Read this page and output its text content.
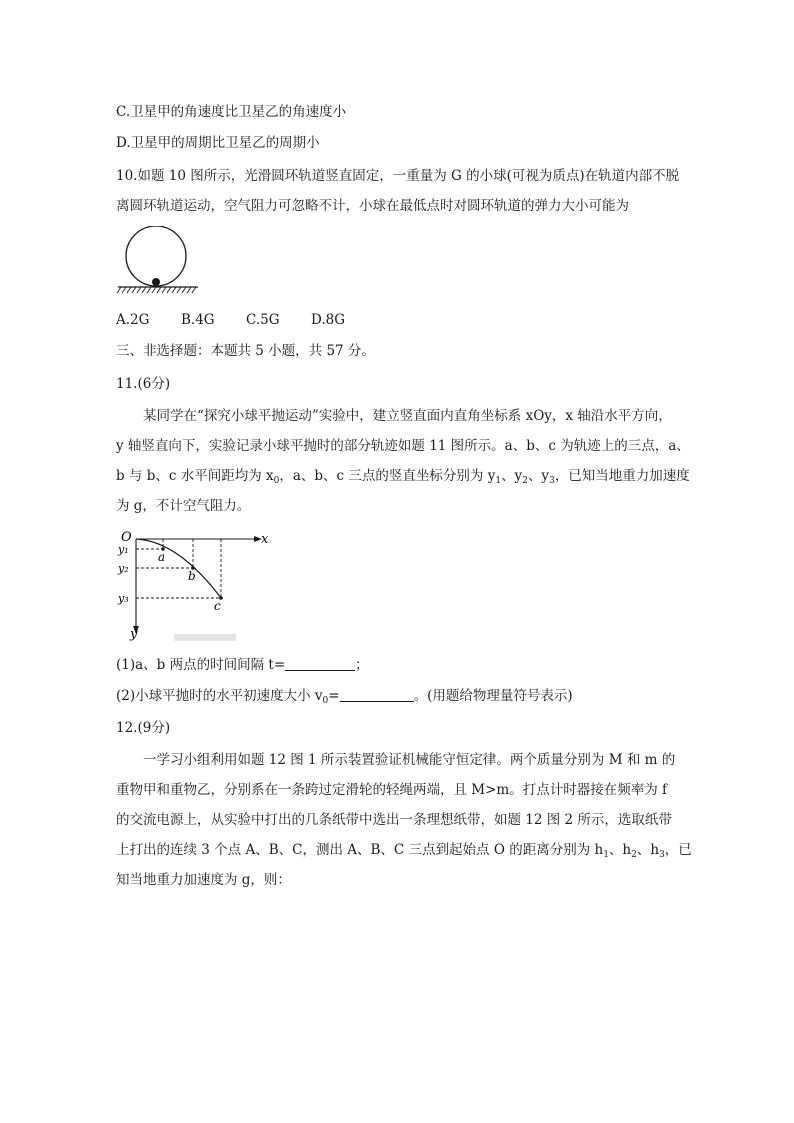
C.卫星甲的角速度比卫星乙的角速度小
D.卫星甲的周期比卫星乙的周期小
10.如题 10 图所示，光滑圆环轨道竖直固定，一重量为 G 的小球(可视为质点)在轨道内部不脱
离圆环轨道运动，空气阻力可忽略不计，小球在最低点时对圆环轨道的弹力大小可能为
A.2G B.4G C.5G D.8G
三、非选择题：本题共 5 小题，共 57 分。
11.(6分)
某同学在“探究小球平抛运动”实验中，建立竖直面内直角坐标系 xOy，x 轴沿水平方向，
y 轴竖直向下，实验记录小球平抛时的部分轨迹如题 11 图所示。a、b、c 为轨迹上的三点，a、
b 与 b、c 水平间距均为 $x_0$，a、b、c 三点的竖直坐标分别为 $y_1$、$y_2$、$y_3$，已知当地重力加速度
为 g，不计空气阻力。
O	x
y
y₁
y₂
y₃
a
b
c
(1)a、b 两点的时间间隔 t=	；
(2)小球平抛时的水平初速度大小 $v_0=$	。(用题给物理量符号表示)
12.(9分)
一学习小组利用如题 12 图 1 所示装置验证机械能守恒定律。两个质量分别为 M 和 m 的
重物甲和重物乙，分别系在一条跨过定滑轮的轻绳两端，且 M>m。打点计时器接在频率为 f
的交流电源上，从实验中打出的几条纸带中选出一条理想纸带，如题 12 图 2 所示，选取纸带
上打出的连续 3 个点 A、B、C，测出 A、B、C 三点到起始点 O 的距离分别为 $h_1$、$h_2$、$h_3$，已
知当地重力加速度为 g，则：
